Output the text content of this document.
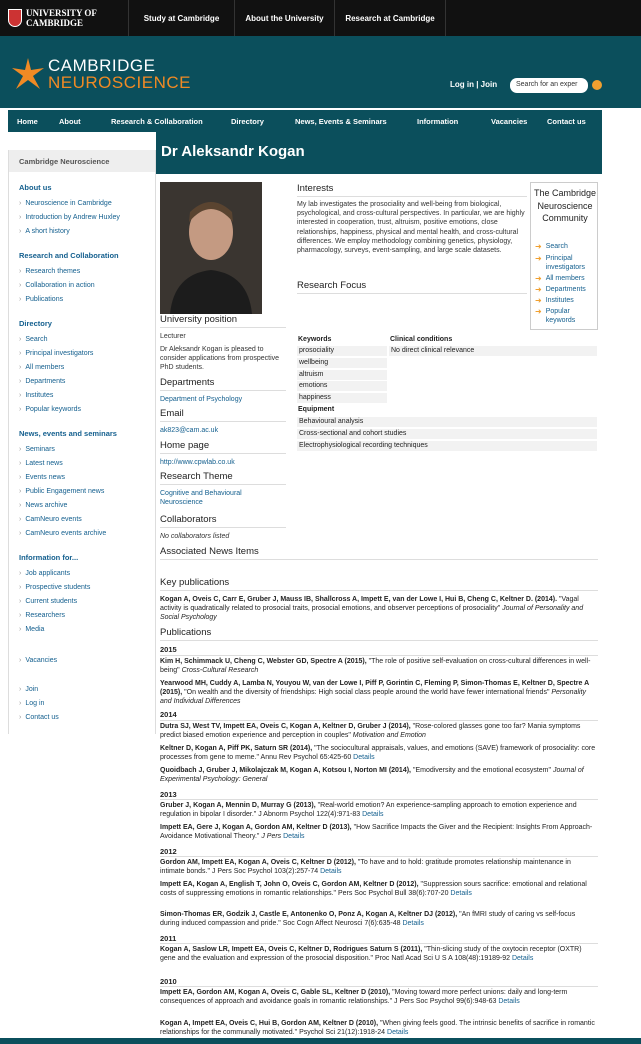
UNIVERSITY OF
CAMBRIDGE	Study at Cambridge	About the University	Research at Cambridge
CAMBRIDGE
NEUROSCIENCE	Log in | Join	Search for an exper
Home	About	Research & Collaboration	Directory	News, Events & Seminars	Information	Vacancies	Contact us
Cambridge Neuroscience
About us
› Neuroscience in Cambridge
› Introduction by Andrew Huxley
› A short history
Research and Collaboration
› Research themes
› Collaboration in action
› Publications
Directory
› Search
› Principal investigators
› All members
› Departments
› Institutes
› Popular keywords
News, events and seminars
› Seminars
› Latest news
› Events news
› Public Engagement news
› News archive
› CamNeuro events
› CamNeuro events archive
Information for...
› Job applicants
› Prospective students
› Current students
› Researchers
› Media
› Vacancies
› Join
› Log in
› Contact us
Dr Aleksandr Kogan
University position
Lecturer
Dr Aleksandr Kogan is pleased to consider applications from prospective PhD students.
Departments
Department of Psychology
Email
ak823@cam.ac.uk
Home page
http://www.cpwlab.co.uk
Research Theme
Cognitive and Behavioural Neuroscience
Collaborators
No collaborators listed
Associated News Items
Interests
My lab investigates the prosociality and well-being from biological, psychological, and cross-cultural perspectives. In particular, we are highly interested in cooperation, trust, altruism, positive emotions, close relationships, happiness, physical and mental health, and cross-cultural differences. We employ methodology combining genetics, physiology, pharmacology, surveys, event-sampling, and large scale datasets.
Research Focus
The Cambridge Neuroscience Community
➜ Search
➜ Principal investigators
➜ All members
➜ Departments
➜ Institutes
➜ Popular keywords
Keywords	Clinical conditions
prosociality	No direct clinical relevance
wellbeing
altruism
emotions
happiness
Equipment
Behavioural analysis
Cross-sectional and cohort studies
Electrophysiological recording techniques
Key publications
Kogan A, Oveis C, Carr E, Gruber J, Mauss IB, Shallcross A, Impett E, van der Lowe I, Hui B, Cheng C, Keltner D. (2014). "Vagal activity is quadratically related to prosocial traits, prosocial emotions, and observer perceptions of prosociality" Journal of Personality and Social Psychology
Publications
2015
Kim H, Schimmack U, Cheng C, Webster GD, Spectre A (2015), "The role of positive self-evaluation on cross-cultural differences in well-being" Cross-Cultural Research
Yearwood MH, Cuddy A, Lamba N, Youyou W, van der Lowe I, Piff P, Gorintin C, Fleming P, Simon-Thomas E, Keltner D, Spectre A (2015), "On wealth and the diversity of friendships: High social class people around the world have fewer international friends" Personality and Individual Differences
2014
Dutra SJ, West TV, Impett EA, Oveis C, Kogan A, Keltner D, Gruber J (2014), "Rose-colored glasses gone too far? Mania symptoms predict biased emotion experience and perception in couples" Motivation and Emotion
Keltner D, Kogan A, Piff PK, Saturn SR (2014), "The sociocultural appraisals, values, and emotions (SAVE) framework of prosociality: core processes from gene to meme." Annu Rev Psychol 65:425-60 Details
Quoidbach J, Gruber J, Mikolajczak M, Kogan A, Kotsou I, Norton MI (2014), "Emodiversity and the emotional ecosystem" Journal of Experimental Psychology: General
2013
Gruber J, Kogan A, Mennin D, Murray G (2013), "Real-world emotion? An experience-sampling approach to emotion experience and regulation in bipolar I disorder." J Abnorm Psychol 122(4):971-83 Details
Impett EA, Gere J, Kogan A, Gordon AM, Keltner D (2013), "How Sacrifice Impacts the Giver and the Recipient: Insights From Approach-Avoidance Motivational Theory." J Pers Details
2012
Gordon AM, Impett EA, Kogan A, Oveis C, Keltner D (2012), "To have and to hold: gratitude promotes relationship maintenance in intimate bonds." J Pers Soc Psychol 103(2):257-74 Details
Impett EA, Kogan A, English T, John O, Oveis C, Gordon AM, Keltner D (2012), "Suppression sours sacrifice: emotional and relational costs of suppressing emotions in romantic relationships." Pers Soc Psychol Bull 38(6):707-20 Details
Simon-Thomas ER, Godzik J, Castle E, Antonenko O, Ponz A, Kogan A, Keltner DJ (2012), "An fMRI study of caring vs self-focus during induced compassion and pride." Soc Cogn Affect Neurosci 7(6):635-48 Details
2011
Kogan A, Saslow LR, Impett EA, Oveis C, Keltner D, Rodrigues Saturn S (2011), "Thin-slicing study of the oxytocin receptor (OXTR) gene and the evaluation and expression of the prosocial disposition." Proc Natl Acad Sci U S A 108(48):19189-92 Details
2010
Impett EA, Gordon AM, Kogan A, Oveis C, Gable SL, Keltner D (2010), "Moving toward more perfect unions: daily and long-term consequences of approach and avoidance goals in romantic relationships." J Pers Soc Psychol 99(6):948-63 Details
Kogan A, Impett EA, Oveis C, Hui B, Gordon AM, Keltner D (2010), "When giving feels good. The intrinsic benefits of sacrifice in romantic relationships for the communally motivated." Psychol Sci 21(12):1918-24 Details
